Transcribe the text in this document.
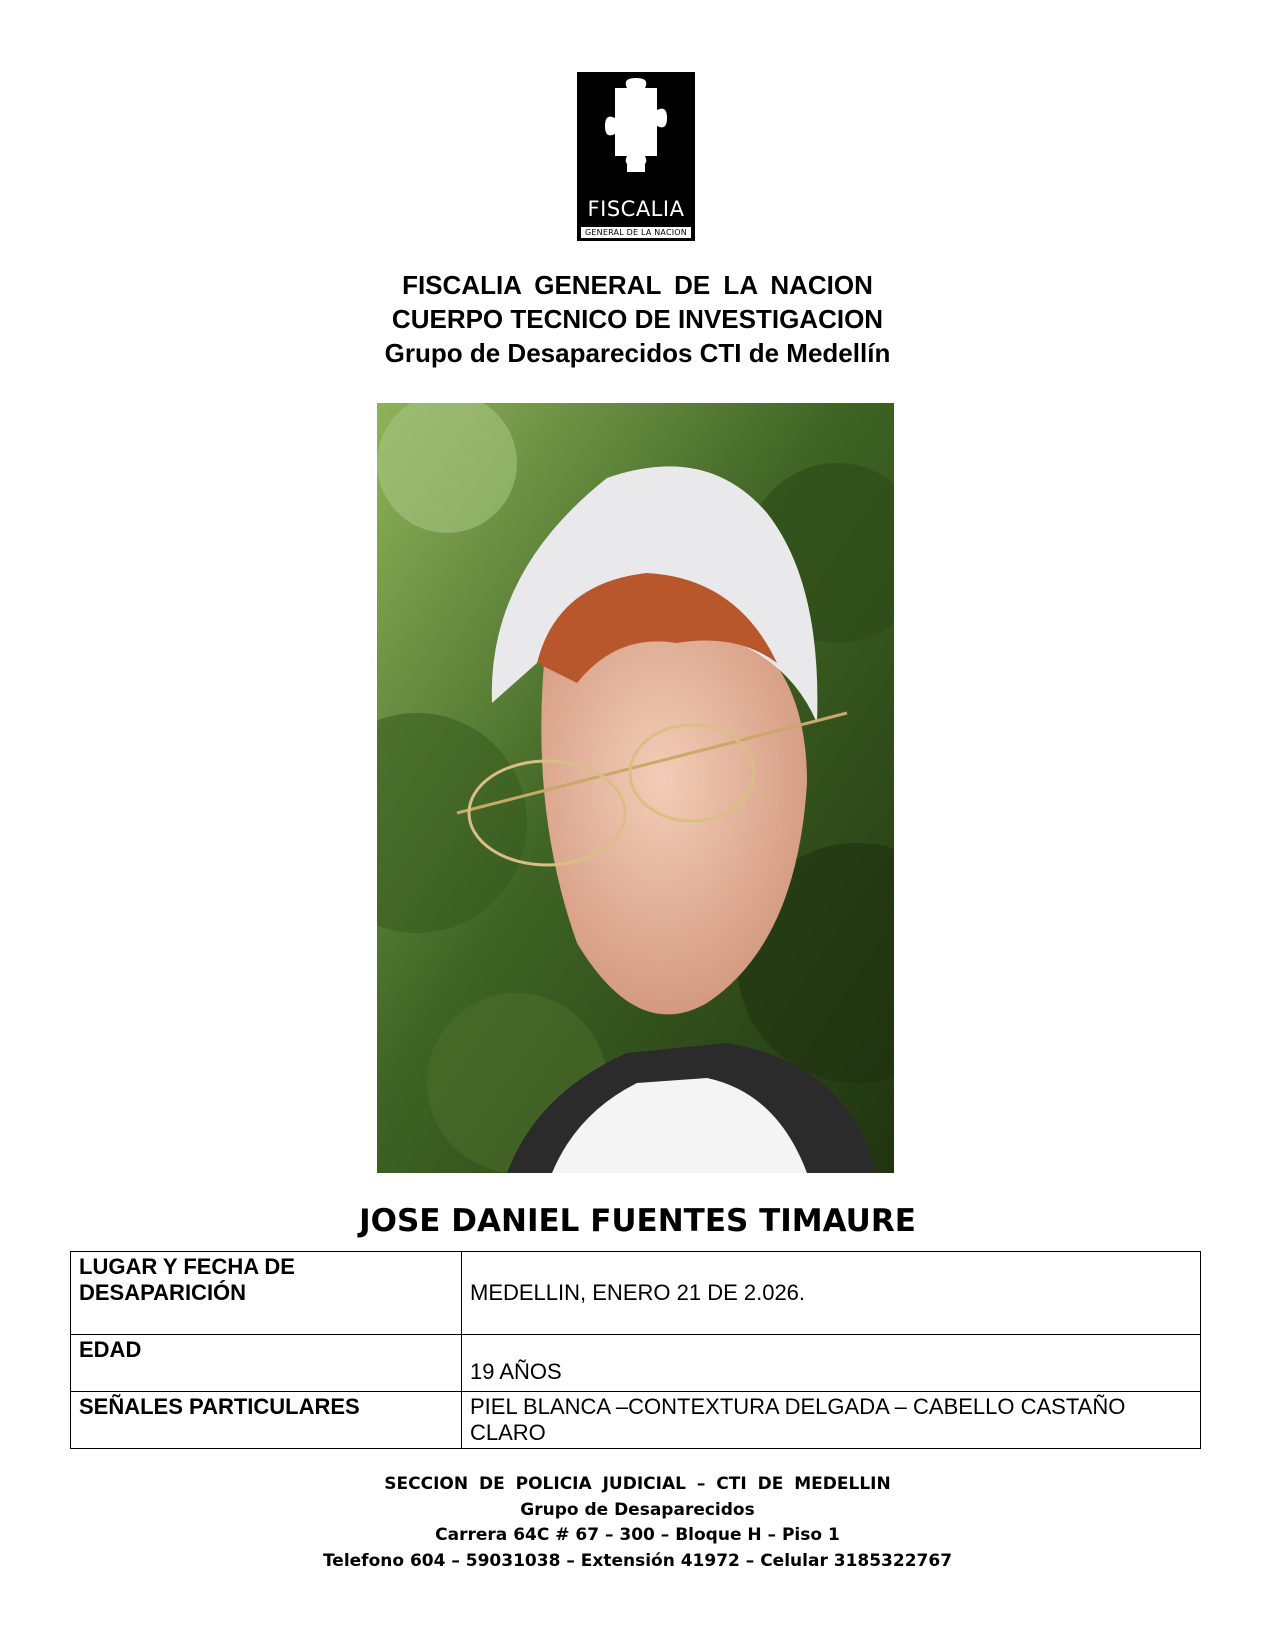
FISCALIA
GENERAL DE LA NACION
FISCALIA GENERAL DE LA NACION
CUERPO TECNICO DE INVESTIGACION
Grupo de Desaparecidos CTI de Medellín
JOSE DANIEL FUENTES TIMAURE
LUGAR Y FECHA DE DESAPARICIÓN	MEDELLIN, ENERO 21 DE 2.026.
EDAD	19 AÑOS
SEÑALES PARTICULARES	PIEL BLANCA –CONTEXTURA DELGADA – CABELLO CASTAÑO CLARO
SECCION DE POLICIA JUDICIAL – CTI DE MEDELLIN
Grupo de Desaparecidos
Carrera 64C # 67 – 300 – Bloque H – Piso 1
Telefono 604 – 59031038 – Extensión 41972 – Celular 3185322767
